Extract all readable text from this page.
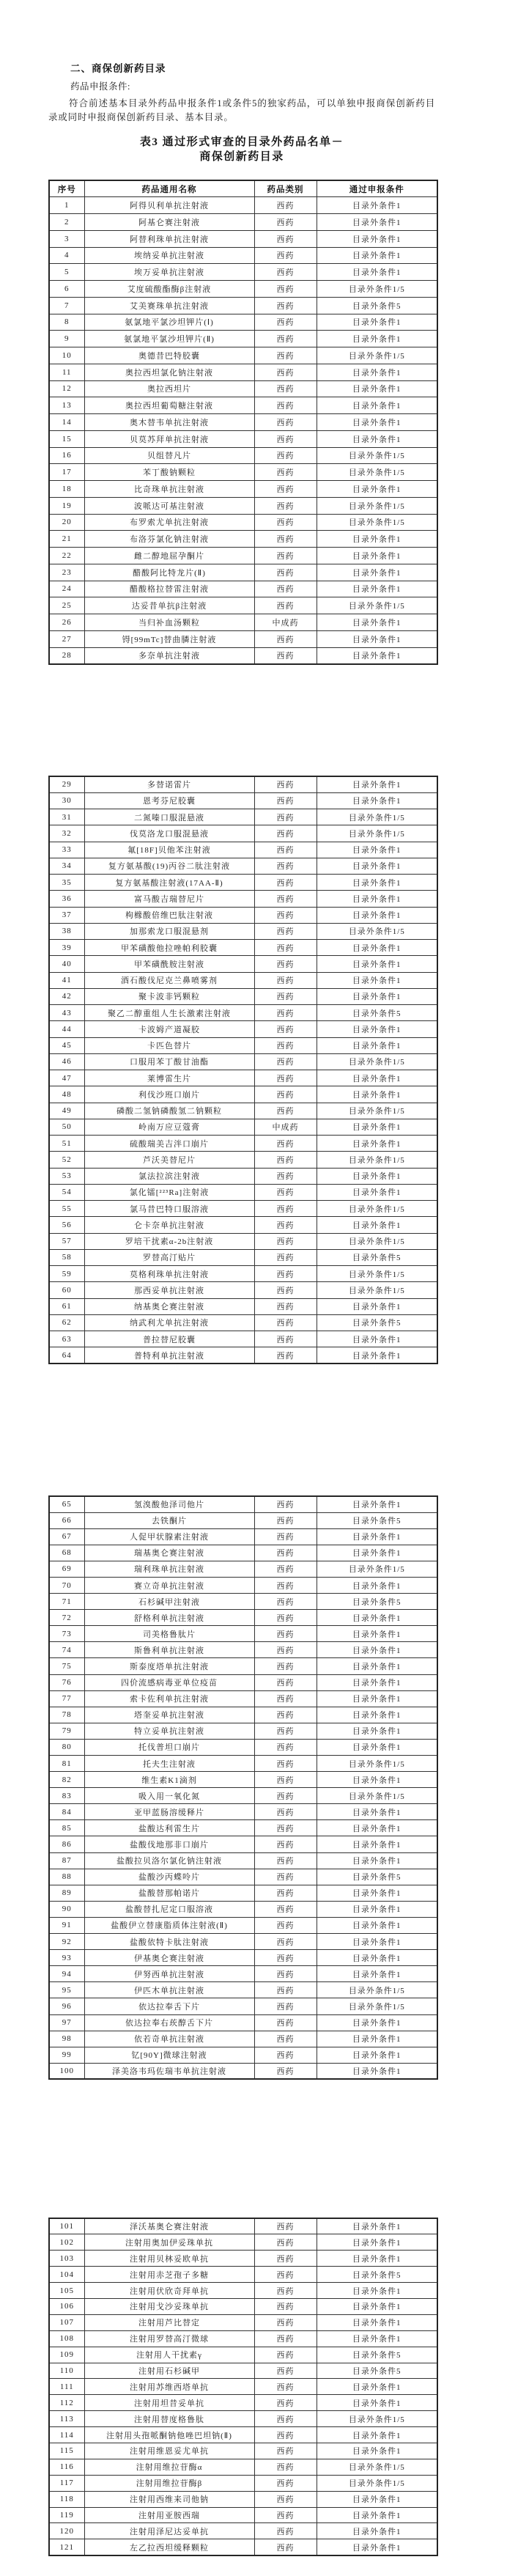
二、商保创新药目录

药品申报条件:

符合前述基本目录外药品申报条件1或条件5的独家药品，可以单独申报商保创新药目录或同时申报商保创新药目录、基本目录。

表3 通过形式审查的目录外药品名单－
商保创新药目录
序号	药品通用名称	药品类别	通过申报条件
1	阿得贝利单抗注射液	西药	目录外条件1
2	阿基仑赛注射液	西药	目录外条件1
3	阿替利珠单抗注射液	西药	目录外条件1
4	埃纳妥单抗注射液	西药	目录外条件1
5	埃万妥单抗注射液	西药	目录外条件1
6	艾度硫酸酯酶β注射液	西药	目录外条件1/5
7	艾美赛珠单抗注射液	西药	目录外条件5
8	氨氯地平氯沙坦钾片(Ⅰ)	西药	目录外条件1
9	氨氯地平氯沙坦钾片(Ⅱ)	西药	目录外条件1
10	奥德昔巴特胶囊	西药	目录外条件1/5
11	奥拉西坦氯化钠注射液	西药	目录外条件1
12	奥拉西坦片	西药	目录外条件1
13	奥拉西坦葡萄糖注射液	西药	目录外条件1
14	奥木替韦单抗注射液	西药	目录外条件1
15	贝莫苏拜单抗注射液	西药	目录外条件1
16	贝组替凡片	西药	目录外条件1/5
17	苯丁酸钠颗粒	西药	目录外条件1/5
18	比奇珠单抗注射液	西药	目录外条件1
19	波哌达可基注射液	西药	目录外条件1/5
20	布罗索尤单抗注射液	西药	目录外条件1/5
21	布洛芬氯化钠注射液	西药	目录外条件1
22	雌二醇地屈孕酮片	西药	目录外条件1
23	醋酸阿比特龙片(Ⅱ)	西药	目录外条件1
24	醋酸格拉替雷注射液	西药	目录外条件1
25	达妥昔单抗β注射液	西药	目录外条件1/5
26	当归补血汤颗粒	中成药	目录外条件1
27	锝[99mTc]替曲膦注射液	西药	目录外条件1
28	多奈单抗注射液	西药	目录外条件1
29	多替诺雷片	西药	目录外条件1
30	恩考芬尼胶囊	西药	目录外条件1
31	二氮嗪口服混悬液	西药	目录外条件1/5
32	伐莫洛龙口服混悬液	西药	目录外条件1/5
33	氟[18F]贝他苯注射液	西药	目录外条件1
34	复方氨基酸(19)丙谷二肽注射液	西药	目录外条件1
35	复方氨基酸注射液(17AA-Ⅱ)	西药	目录外条件1
36	富马酸吉瑞替尼片	西药	目录外条件1
37	枸橼酸倍维巴肽注射液	西药	目录外条件1
38	加那索龙口服混悬剂	西药	目录外条件1/5
39	甲苯磺酸他拉唑帕利胶囊	西药	目录外条件1
40	甲苯磺酰胺注射液	西药	目录外条件1
41	酒石酸伐尼克兰鼻喷雾剂	西药	目录外条件1
42	聚卡波非钙颗粒	西药	目录外条件1
43	聚乙二醇重组人生长激素注射液	西药	目录外条件5
44	卡波姆产道凝胶	西药	目录外条件1
45	卡匹色替片	西药	目录外条件1
46	口服用苯丁酸甘油酯	西药	目录外条件1/5
47	莱博雷生片	西药	目录外条件1
48	利伐沙班口崩片	西药	目录外条件1
49	磷酸二氢钠磷酸氢二钠颗粒	西药	目录外条件1/5
50	岭南万应豆蔻膏	中成药	目录外条件1
51	硫酸瑞美吉泮口崩片	西药	目录外条件1
52	芦沃美替尼片	西药	目录外条件1/5
53	氯法拉滨注射液	西药	目录外条件1
54	氯化镭[²²³Ra]注射液	西药	目录外条件1
55	氯马昔巴特口服溶液	西药	目录外条件1/5
56	仑卡奈单抗注射液	西药	目录外条件1
57	罗培干扰素α-2b注射液	西药	目录外条件1/5
58	罗替高汀贴片	西药	目录外条件5
59	莫格利珠单抗注射液	西药	目录外条件1/5
60	那西妥单抗注射液	西药	目录外条件1/5
61	纳基奥仑赛注射液	西药	目录外条件1
62	纳武利尤单抗注射液	西药	目录外条件5
63	普拉替尼胶囊	西药	目录外条件1
64	普特利单抗注射液	西药	目录外条件1
65	氢溴酸他泽司他片	西药	目录外条件1
66	去铁酮片	西药	目录外条件5
67	人促甲状腺素注射液	西药	目录外条件1
68	瑞基奥仑赛注射液	西药	目录外条件1
69	瑞利珠单抗注射液	西药	目录外条件1/5
70	赛立奇单抗注射液	西药	目录外条件1
71	石杉碱甲注射液	西药	目录外条件5
72	舒格利单抗注射液	西药	目录外条件1
73	司美格鲁肽片	西药	目录外条件1
74	斯鲁利单抗注射液	西药	目录外条件1
75	斯泰度塔单抗注射液	西药	目录外条件1
76	四价流感病毒亚单位疫苗	西药	目录外条件1
77	索卡佐利单抗注射液	西药	目录外条件1
78	塔奎妥单抗注射液	西药	目录外条件1
79	特立妥单抗注射液	西药	目录外条件1
80	托伐普坦口崩片	西药	目录外条件1
81	托夫生注射液	西药	目录外条件1/5
82	维生素K1滴剂	西药	目录外条件1
83	吸入用一氧化氮	西药	目录外条件1/5
84	亚甲蓝肠溶缓释片	西药	目录外条件1
85	盐酸达利雷生片	西药	目录外条件1
86	盐酸伐地那非口崩片	西药	目录外条件1
87	盐酸拉贝洛尔氯化钠注射液	西药	目录外条件1
88	盐酸沙丙蝶呤片	西药	目录外条件5
89	盐酸替那帕诺片	西药	目录外条件1
90	盐酸替扎尼定口服溶液	西药	目录外条件1
91	盐酸伊立替康脂质体注射液(Ⅱ)	西药	目录外条件1
92	盐酸依特卡肽注射液	西药	目录外条件1
93	伊基奥仑赛注射液	西药	目录外条件1
94	伊努西单抗注射液	西药	目录外条件1
95	伊匹木单抗注射液	西药	目录外条件1/5
96	依达拉奉舌下片	西药	目录外条件1/5
97	依达拉奉右莰醇舌下片	西药	目录外条件1
98	依若奇单抗注射液	西药	目录外条件1
99	钇[90Y]微球注射液	西药	目录外条件1
100	泽美洛韦玛佐瑞韦单抗注射液	西药	目录外条件1
101	泽沃基奥仑赛注射液	西药	目录外条件1
102	注射用奥加伊妥珠单抗	西药	目录外条件1
103	注射用贝林妥欧单抗	西药	目录外条件1
104	注射用赤芝孢子多糖	西药	目录外条件5
105	注射用伏欣奇拜单抗	西药	目录外条件1
106	注射用戈沙妥珠单抗	西药	目录外条件1
107	注射用芦比替定	西药	目录外条件1
108	注射用罗替高汀微球	西药	目录外条件1
109	注射用人干扰素γ	西药	目录外条件5
110	注射用石杉碱甲	西药	目录外条件5
111	注射用苏维西塔单抗	西药	目录外条件1
112	注射用坦昔妥单抗	西药	目录外条件1
113	注射用替度格鲁肽	西药	目录外条件1/5
114	注射用头孢哌酮钠他唑巴坦钠(Ⅱ)	西药	目录外条件1
115	注射用维恩妥尤单抗	西药	目录外条件1
116	注射用维拉苷酶α	西药	目录外条件1/5
117	注射用维拉苷酶β	西药	目录外条件1/5
118	注射用西维来司他钠	西药	目录外条件1
119	注射用亚胺西瑞	西药	目录外条件1
120	注射用泽尼达妥单抗	西药	目录外条件1
121	左乙拉西坦缓释颗粒	西药	目录外条件1
